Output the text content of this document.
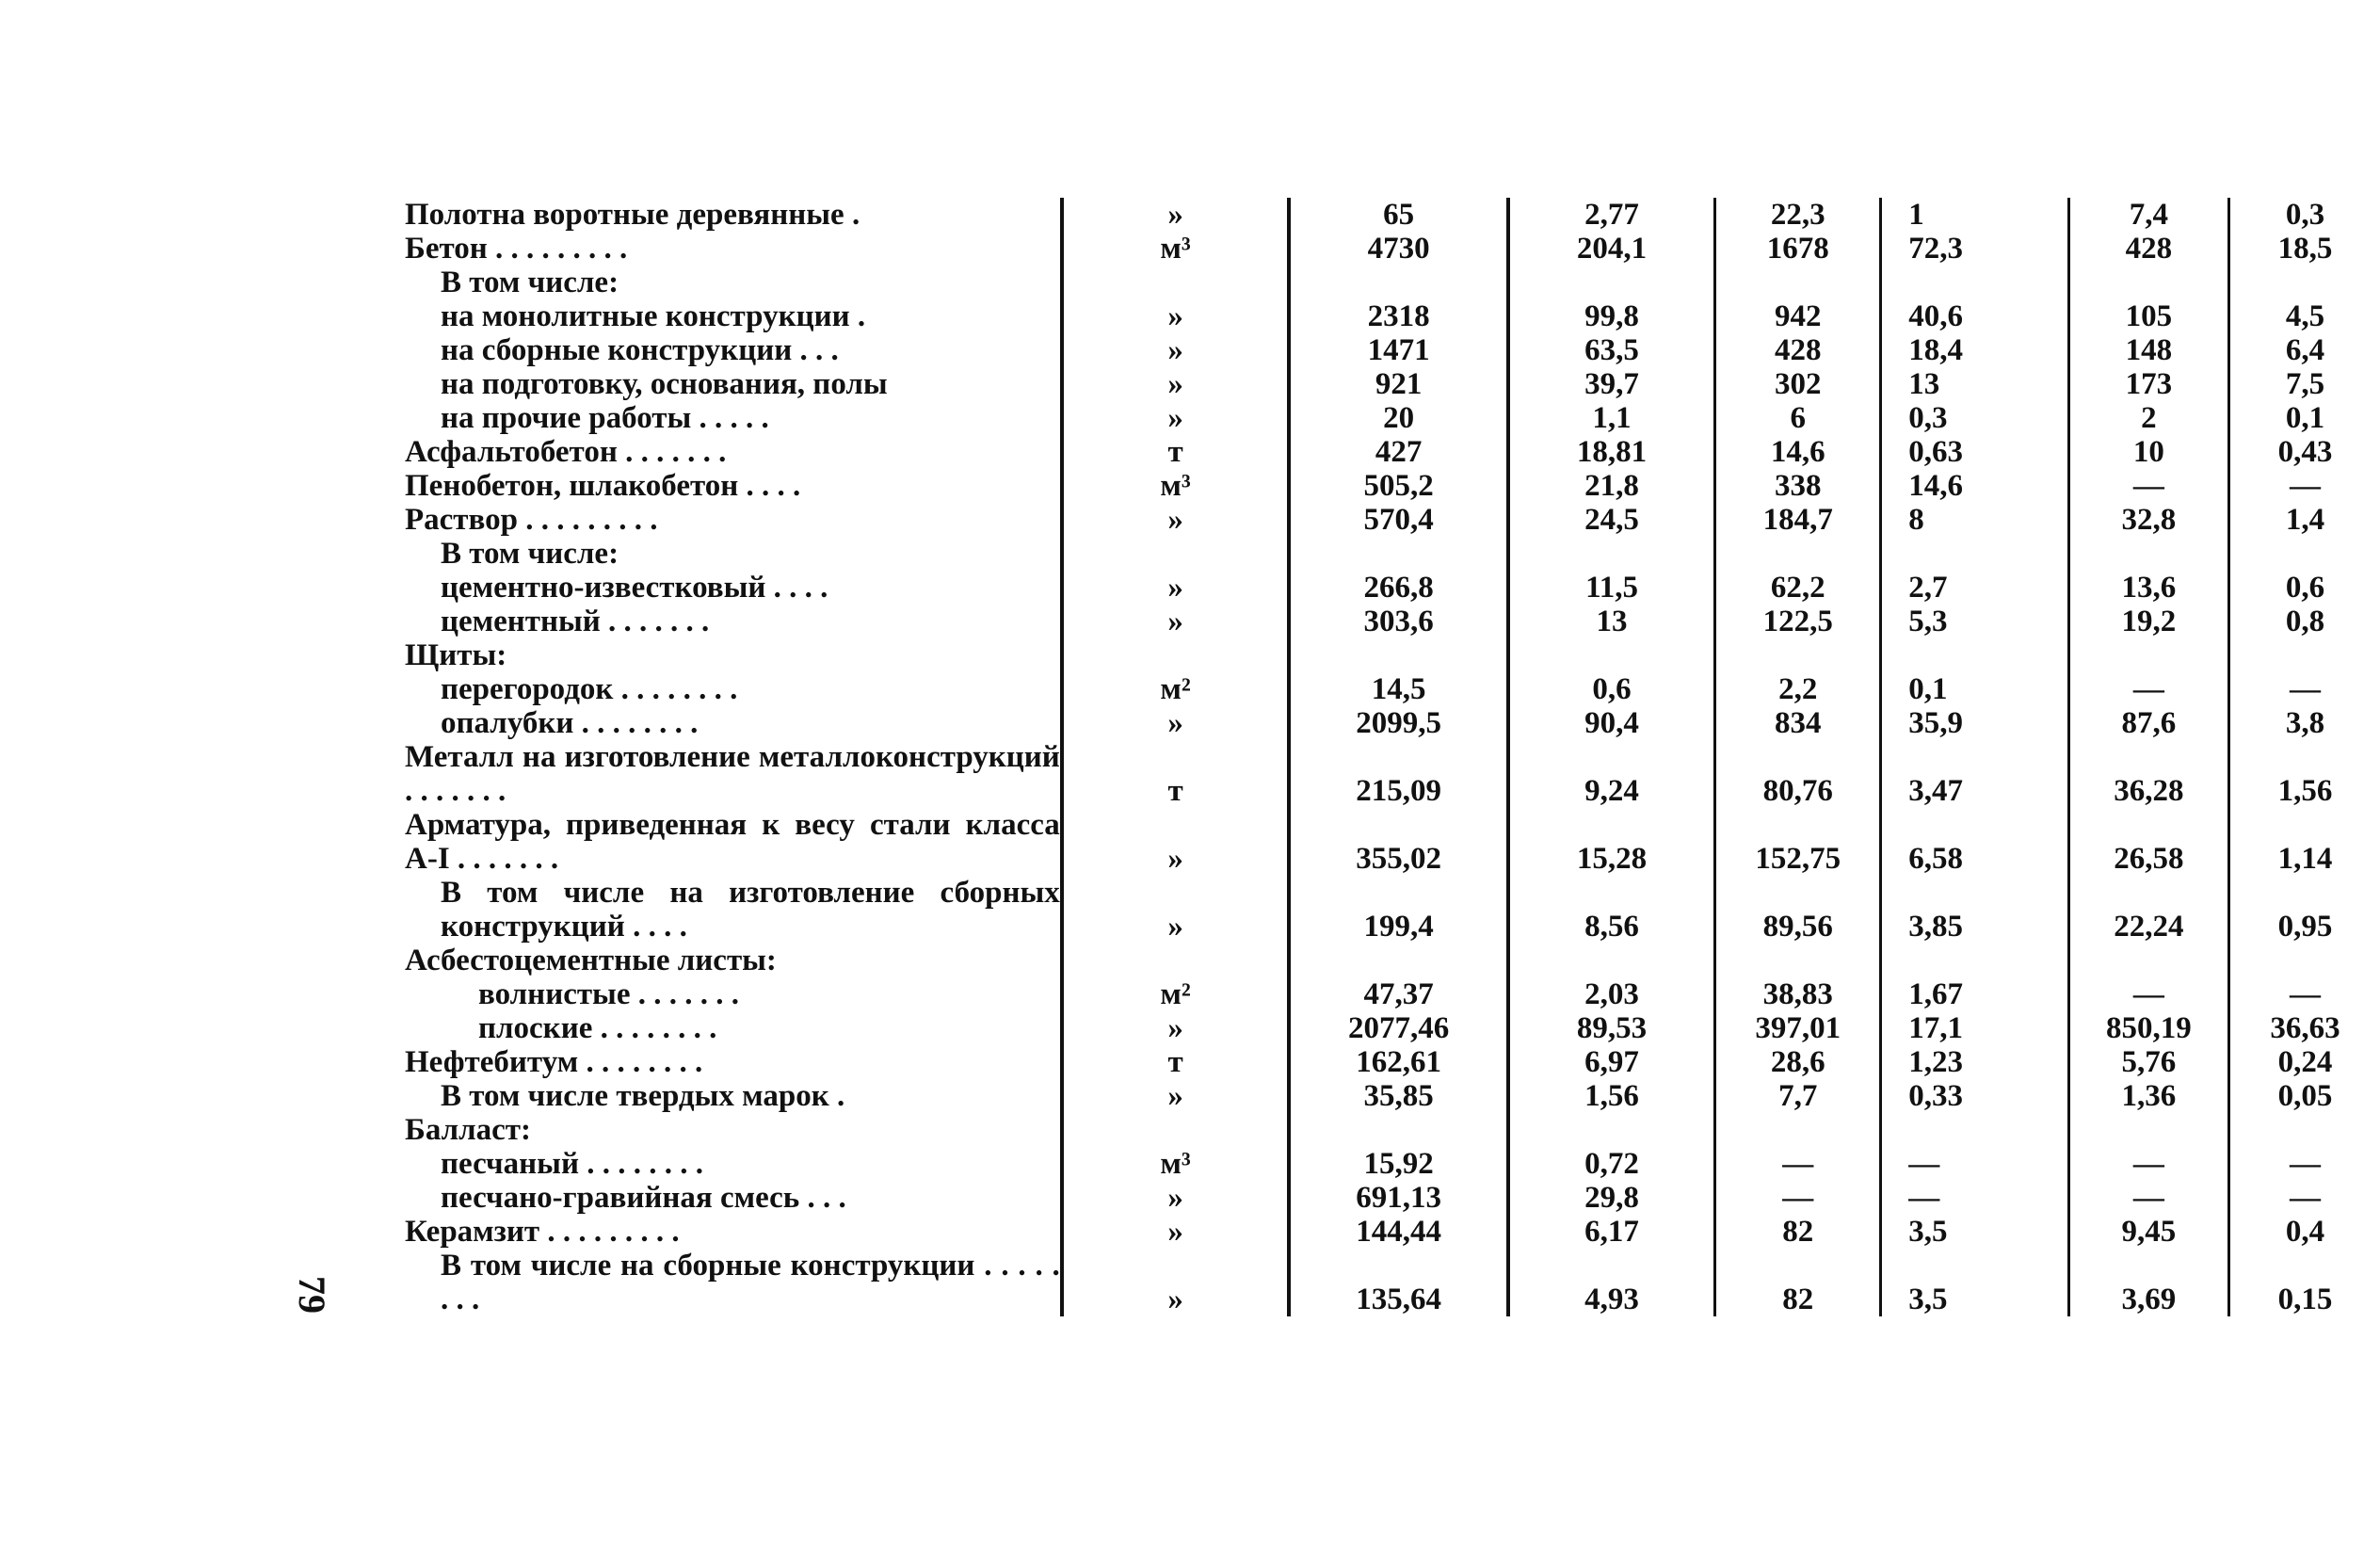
Полотна воротные деревянные .	»	65	2,77	22,3	1	7,4	0,3
Бетон . . . . . . . . .	м³	4730	204,1	1678	72,3	428	18,5
В том числе:							
на монолитные конструкции .	»	2318	99,8	942	40,6	105	4,5
на сборные конструкции . . .	»	1471	63,5	428	18,4	148	6,4
на подготовку, основания, полы	»	921	39,7	302	13	173	7,5
на прочие работы . . . . .	»	20	1,1	6	0,3	2	0,1
Асфальтобетон . . . . . . .	т	427	18,81	14,6	0,63	10	0,43
Пенобетон, шлакобетон . . . .	м³	505,2	21,8	338	14,6	—	—
Раствор . . . . . . . . .	»	570,4	24,5	184,7	8	32,8	1,4
В том числе:							
цементно-известковый . . . .	»	266,8	11,5	62,2	2,7	13,6	0,6
цементный . . . . . . .	»	303,6	13	122,5	5,3	19,2	0,8
Щиты:							
перегородок . . . . . . . .	м²	14,5	0,6	2,2	0,1	—	—
опалубки . . . . . . . .	»	2099,5	90,4	834	35,9	87,6	3,8
Металл на изготовление металлоконструкций . . . . . . .	т	215,09	9,24	80,76	3,47	36,28	1,56
Арматура, приведенная к весу стали класса A-I . . . . . . .	»	355,02	15,28	152,75	6,58	26,58	1,14
В том числе на изготовление сборных конструкций . . . .	»	199,4	8,56	89,56	3,85	22,24	0,95
Асбестоцементные листы:							
волнистые . . . . . . .	м²	47,37	2,03	38,83	1,67	—	—
плоские . . . . . . . .	»	2077,46	89,53	397,01	17,1	850,19	36,63
Нефтебитум . . . . . . . .	т	162,61	6,97	28,6	1,23	5,76	0,24
В том числе твердых марок .	»	35,85	1,56	7,7	0,33	1,36	0,05
Балласт:							
песчаный . . . . . . . .	м³	15,92	0,72	—	—	—	—
песчано-гравийная смесь . . .	»	691,13	29,8	—	—	—	—
Керамзит . . . . . . . . .	»	144,44	6,17	82	3,5	9,45	0,4
В том числе на сборные конструкции . . . . . . . .	»	135,64	4,93	82	3,5	3,69	0,15
79
